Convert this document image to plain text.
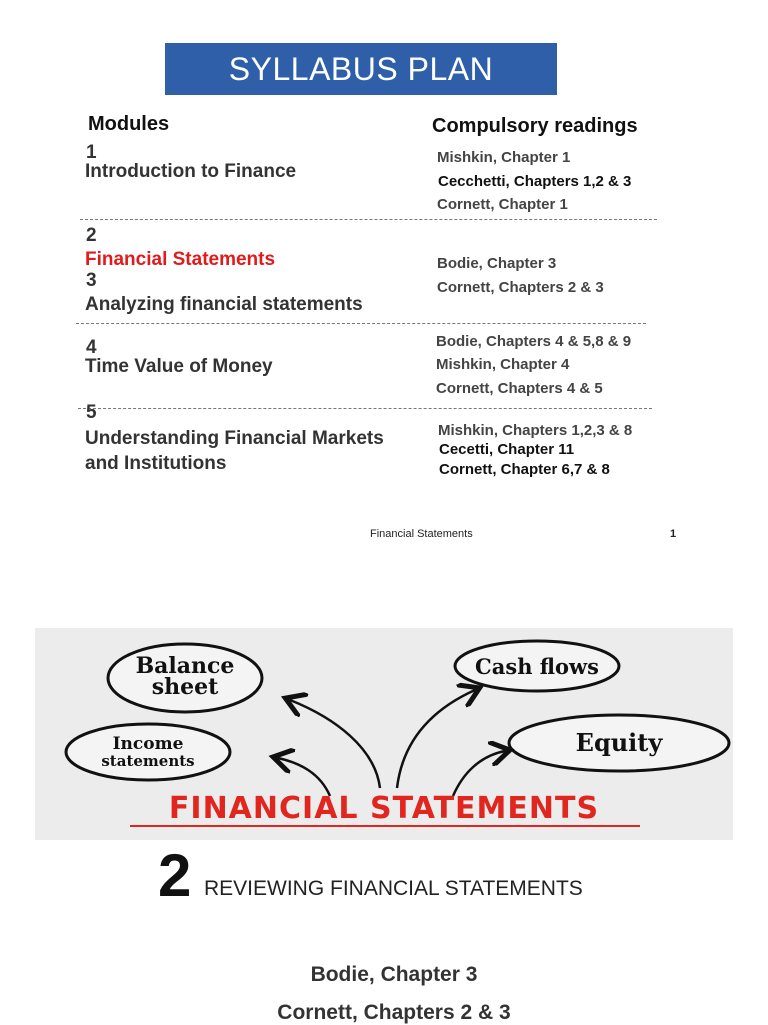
SYLLABUS PLAN
Modules	Compulsory readings
1
Introduction to Finance
Mishkin, Chapter 1
Cecchetti, Chapters 1,2 & 3
Cornett, Chapter 1
2
Financial Statements
3
Analyzing financial statements
Bodie, Chapter 3
Cornett, Chapters 2 & 3
4
Time Value of Money
Bodie, Chapters 4 & 5,8 & 9
Mishkin, Chapter 4
Cornett, Chapters 4 & 5
5
Understanding Financial Markets
and Institutions
Mishkin, Chapters 1,2,3 & 8
Cecetti, Chapter 11
Cornett, Chapter 6,7 & 8
Financial Statements	1
Balance
sheet
Cash flows
Income
statements
Equity
FINANCIAL STATEMENTS
2 REVIEWING FINANCIAL STATEMENTS
Bodie, Chapter 3
Cornett, Chapters 2 & 3
